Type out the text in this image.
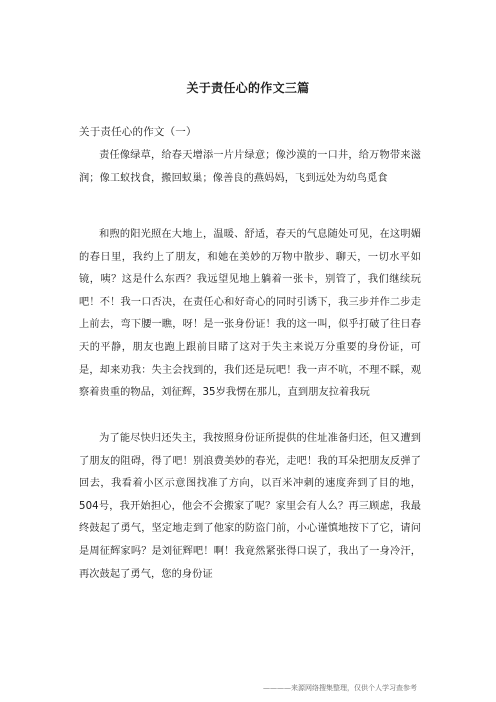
关于责任心的作文三篇
关于责任心的作文（一）

责任像绿草，给春天增添一片片绿意；像沙漠的一口井，给万物带来滋润；像工蚁找食，搬回蚁巢；像善良的燕妈妈，飞到远处为幼鸟觅食

和煦的阳光照在大地上，温暖、舒适，春天的气息随处可见，在这明媚的春日里，我约上了朋友，和她在美妙的万物中散步、聊天，一切水平如镜，咦？这是什么东西？我远望见地上躺着一张卡，别管了，我们继续玩吧！不！我一口否决，在责任心和好奇心的同时引诱下，我三步并作二步走上前去，弯下腰一瞧，呀！是一张身份证！我的这一叫，似乎打破了往日春天的平静，朋友也跑上跟前目睹了这对于失主来说万分重要的身份证，可是，却来劝我：失主会找到的，我们还是玩吧！我一声不吭，不理不睬，观察着贵重的物品，刘征辉，35岁我愣在那儿，直到朋友拉着我玩

为了能尽快归还失主，我按照身份证所提供的住址准备归还，但又遭到了朋友的阻碍，得了吧！别浪费美妙的春光，走吧！我的耳朵把朋友反弹了回去，我看着小区示意图找准了方向，以百米冲刺的速度奔到了目的地，504号，我开始担心，他会不会搬家了呢？家里会有人么？再三顾虑，我最终鼓起了勇气，坚定地走到了他家的防盗门前，小心谨慎地按下了它，请问是周征辉家吗？是刘征辉吧！啊！我竟然紧张得口误了，我出了一身冷汗，再次鼓起了勇气，您的身份证

————来源网络搜集整理，仅供个人学习查参考
